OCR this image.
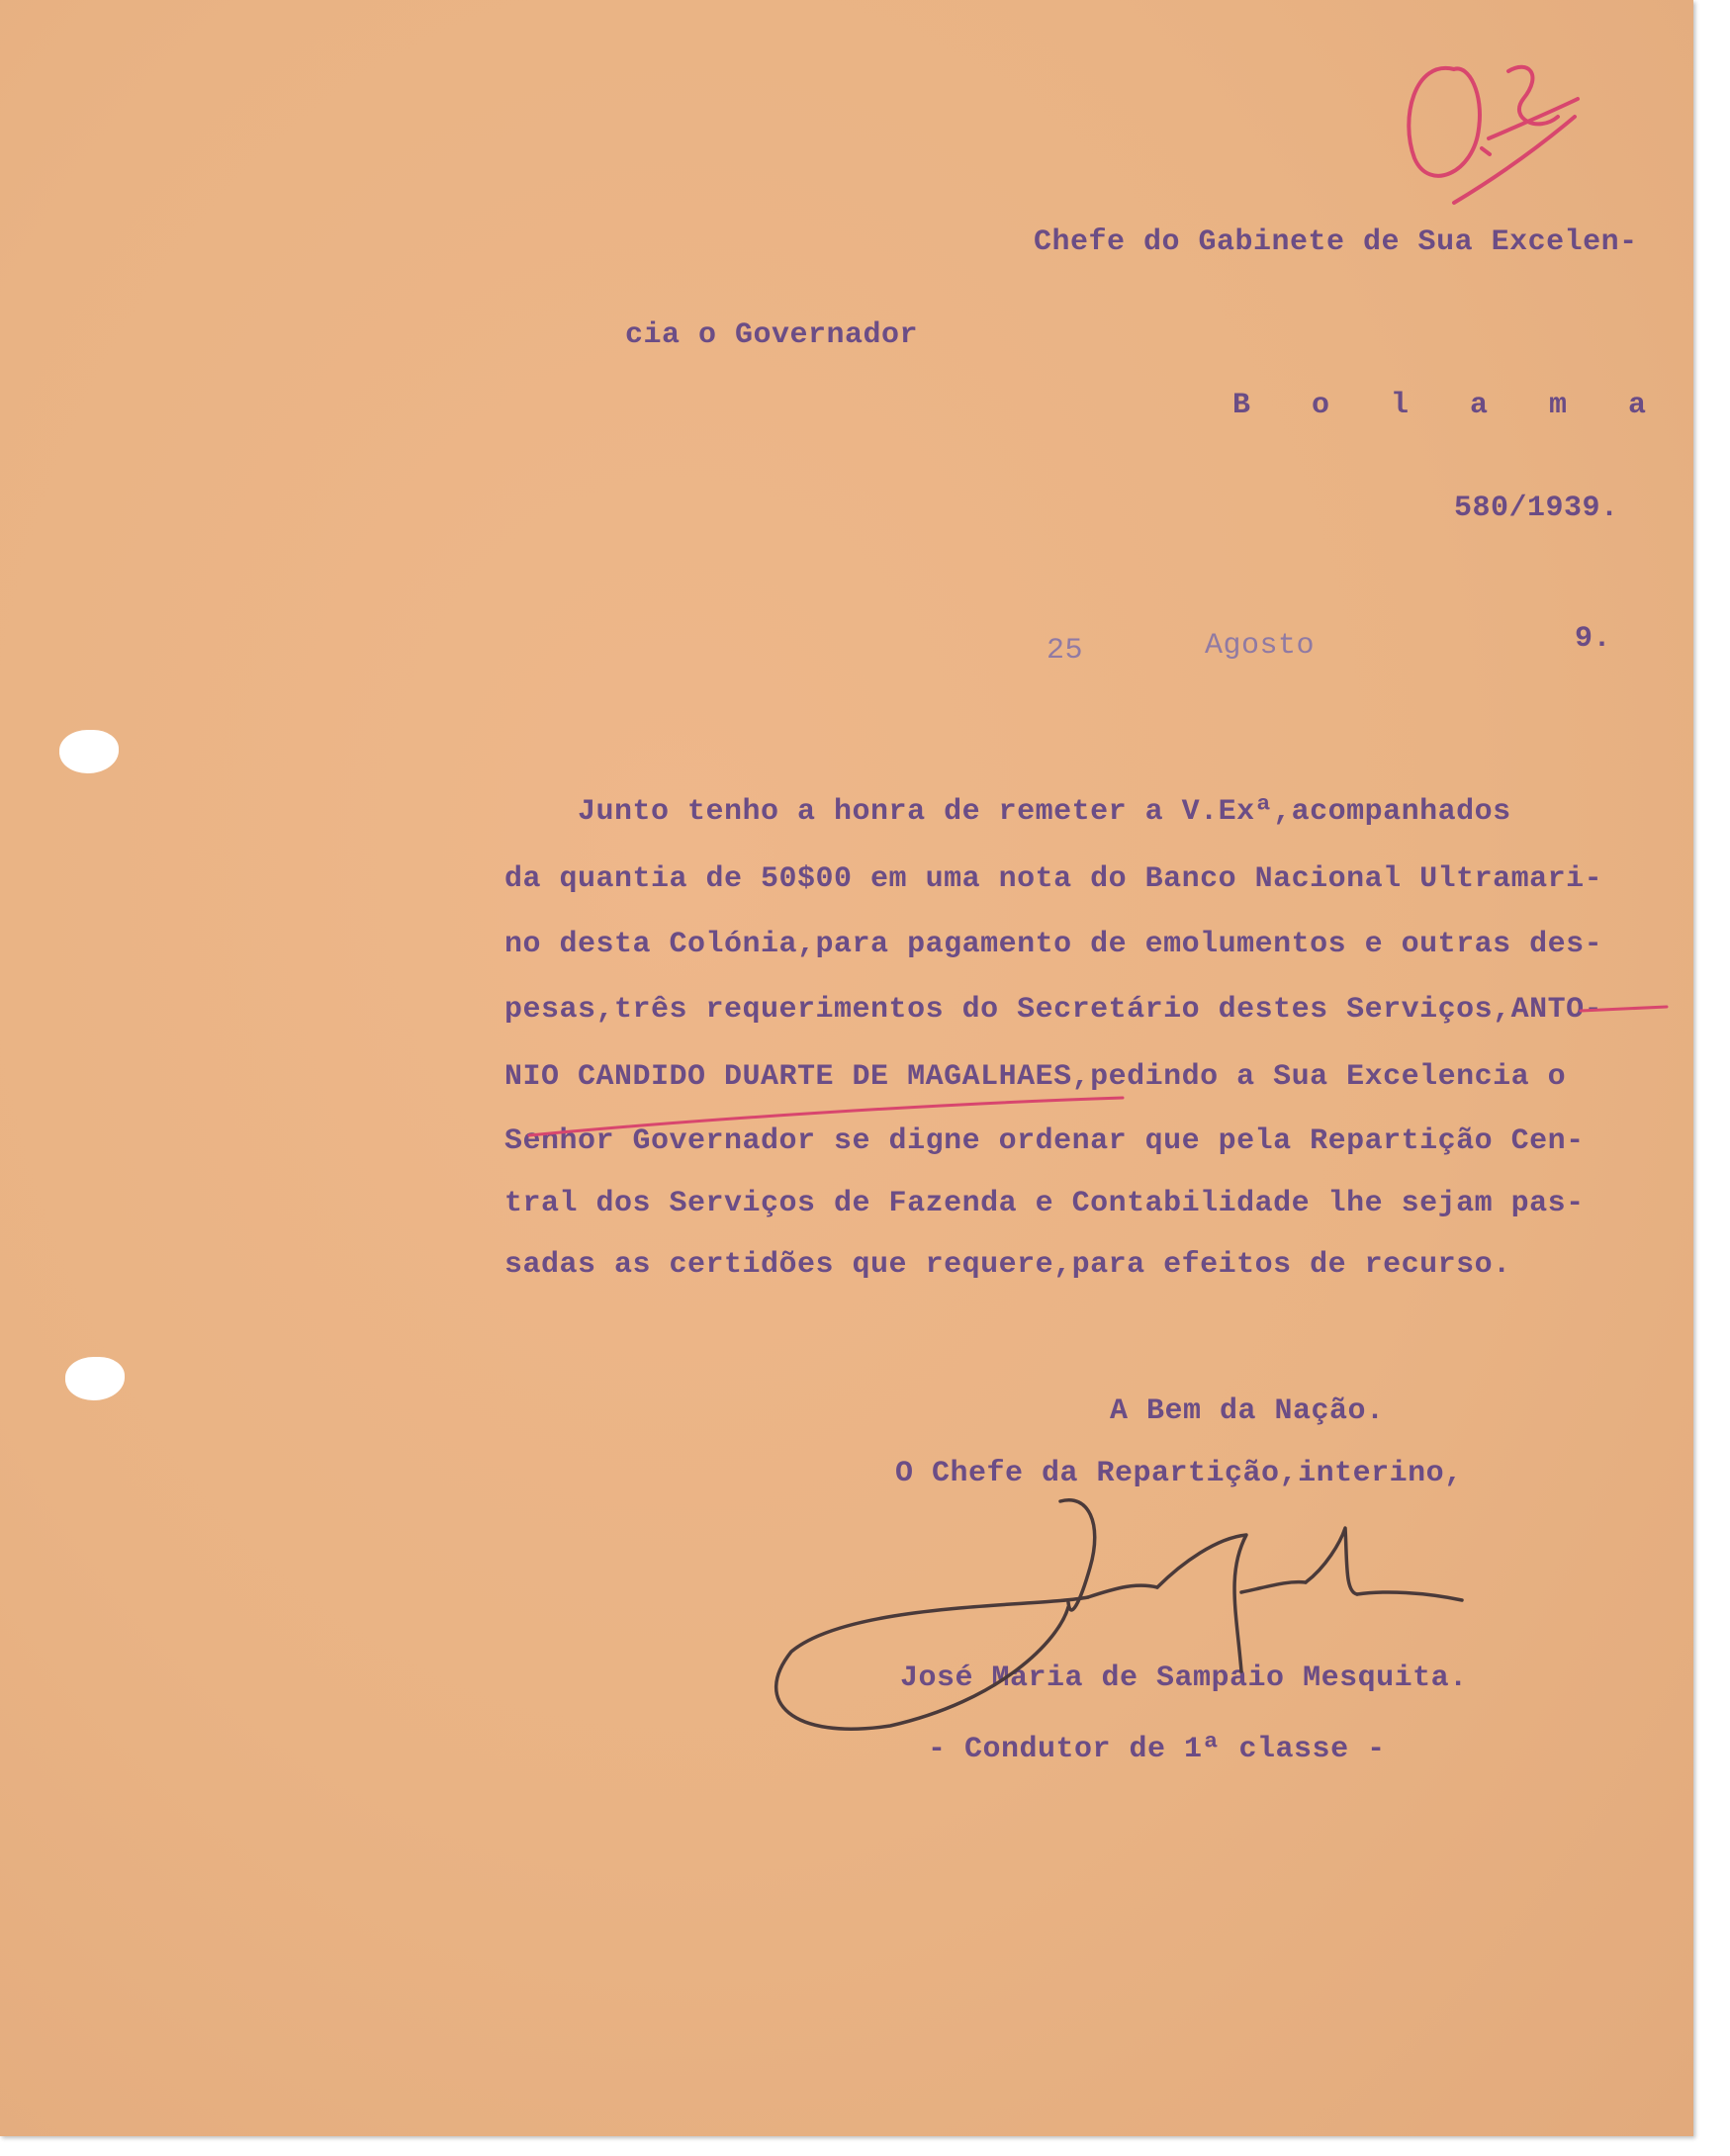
Chefe do Gabinete de Sua Excelen-
cia o Governador
B o l a m a
580/1939.
25	Agosto	9.
Junto tenho a honra de remeter a V.Exª,acompanhados
da quantia de 50$00 em uma nota do Banco Nacional Ultramari-
no desta Colónia,para pagamento de emolumentos e outras des-
pesas,três requerimentos do Secretário destes Serviços,ANTO-
NIO CANDIDO DUARTE DE MAGALHAES,pedindo a Sua Excelencia o
Senhor Governador se digne ordenar que pela Repartição Cen-
tral dos Serviços de Fazenda e Contabilidade lhe sejam pas-
sadas as certidões que requere,para efeitos de recurso.
A Bem da Nação.
O Chefe da Repartição,interino,
José Maria de Sampaio Mesquita.
- Condutor de 1ª classe -
